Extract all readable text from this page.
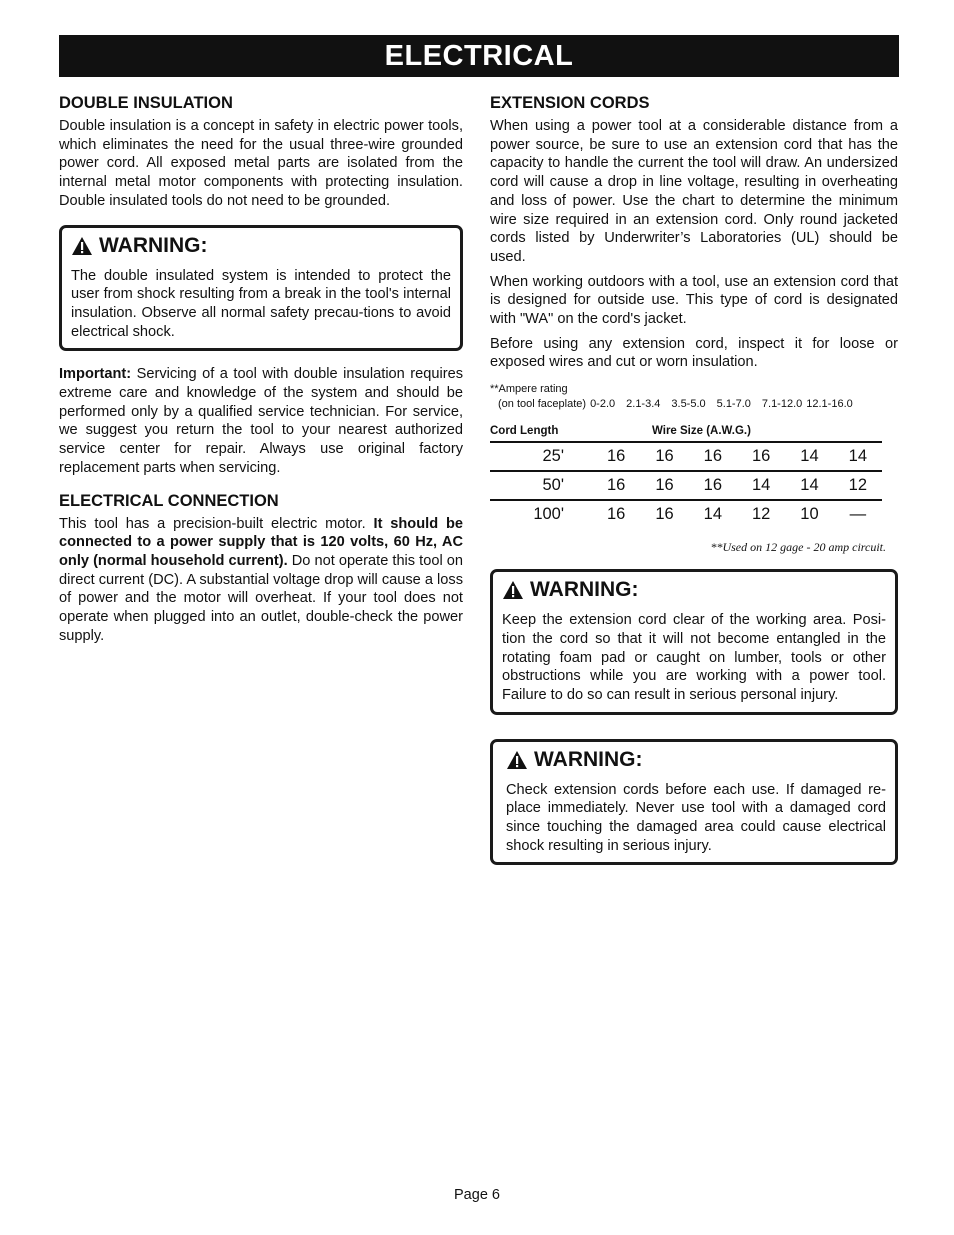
ELECTRICAL
DOUBLE INSULATION

Double insulation is a concept in safety in electric power tools, which eliminates the need for the usual three-wire grounded power cord. All exposed metal parts are isolated from the internal metal motor components with protecting insulation. Double insulated tools do not need to be grounded.

WARNING:

The double insulated system is intended to protect the user from shock resulting from a break in the tool's internal insulation. Observe all normal safety precau-tions to avoid electrical shock.

Important: Servicing of a tool with double insulation requires extreme care and knowledge of the system and should be performed only by a qualified service technician. For service, we suggest you return the tool to your nearest authorized service center for repair. Always use original factory replacement parts when servicing.

ELECTRICAL CONNECTION

This tool has a precision-built electric motor. It should be connected to a power supply that is 120 volts, 60 Hz, AC only (normal household current). Do not operate this tool on direct current (DC). A substantial voltage drop will cause a loss of power and the motor will overheat. If your tool does not operate when plugged into an outlet, double-check the power supply.

EXTENSION CORDS

When using a power tool at a considerable distance from a power source, be sure to use an extension cord that has the capacity to handle the current the tool will draw. An undersized cord will cause a drop in line voltage, resulting in overheating and loss of power. Use the chart to determine the minimum wire size required in an extension cord. Only round jacketed cords listed by Underwriter’s Laboratories (UL) should be used.

When working outdoors with a tool, use an extension cord that is designed for outside use. This type of cord is designated with "WA" on the cord's jacket.

Before using any extension cord, inspect it for loose or exposed wires and cut or worn insulation.

**Ampere rating
(on tool faceplate) 0-2.0 2.1-3.4 3.5-5.0 5.1-7.0 7.1-12.0 12.1-16.0
Cord Length	Wire Size (A.W.G.)
25'	16	16	16	16	14	14
50'	16	16	16	14	14	12
100'	16	16	14	12	10	—
**Used on 12 gage - 20 amp circuit.
WARNING:

Keep the extension cord clear of the working area. Posi-tion the cord so that it will not become entangled in the rotating foam pad or caught on lumber, tools or other obstructions while you are working with a power tool. Failure to do so can result in serious personal injury.

WARNING:

Check extension cords before each use. If damaged re-place immediately. Never use tool with a damaged cord since touching the damaged area could cause electrical shock resulting in serious injury.

Page 6
